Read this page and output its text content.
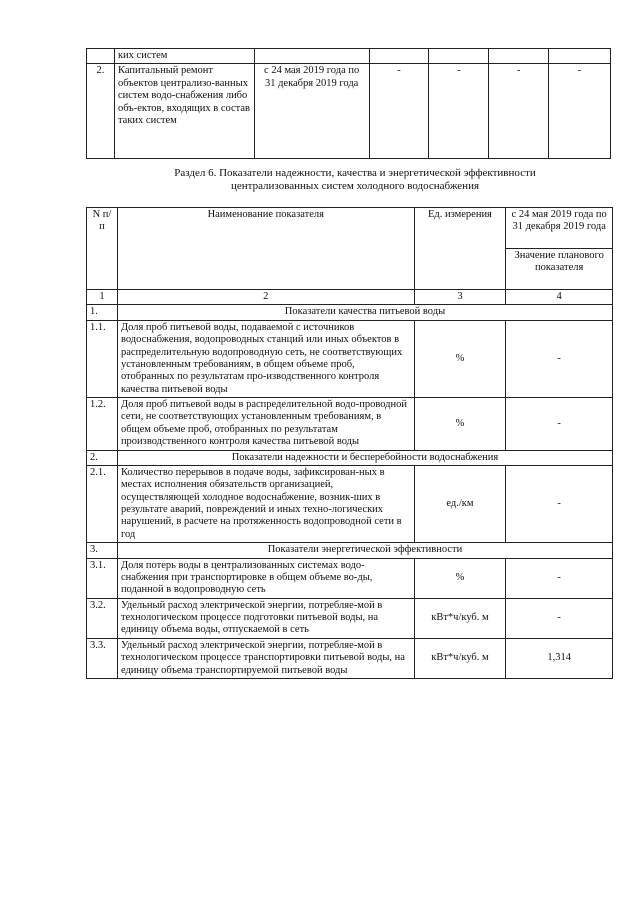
	ких систем					
2.	Капитальный ремонт объектов централизо-ванных систем водо-снабжения либо объ-ектов, входящих в состав таких систем	с 24 мая 2019 года по 31 декабря 2019 года	-	-	-	-
Раздел 6. Показатели надежности, качества и энергетической эффективности
централизованных систем холодного водоснабжения
N п/п	Наименование показателя	Ед. измерения	с 24 мая 2019 года по 31 декабря 2019 года
			Значение планового показателя
1	2	3	4
1.	Показатели качества питьевой воды		
1.1.	Доля проб питьевой воды, подаваемой с источников водоснабжения, водопроводных станций или иных объектов в распределительную водопроводную сеть, не соответствующих установленным требованиям, в общем объеме проб, отобранных по результатам про-изводственного контроля качества питьевой воды	%	-
1.2.	Доля проб питьевой воды в распределительной водо-проводной сети, не соответствующих установленным требованиям, в общем объеме проб, отобранных по результатам производственного контроля качества питьевой воды	%	-
2.	Показатели надежности и бесперебойности водоснабжения		
2.1.	Количество перерывов в подаче воды, зафиксирован-ных в местах исполнения обязательств организацией, осуществляющей холодное водоснабжение, возник-ших в результате аварий, повреждений и иных техно-логических нарушений, в расчете на протяженность водопроводной сети в год	ед./км	-
3.	Показатели энергетической эффективности		
3.1.	Доля потерь воды в централизованных системах водо-снабжения при транспортировке в общем объеме во-ды, поданной в водопроводную сеть	%	-
3.2.	Удельный расход электрической энергии, потребляе-мой в технологическом процессе подготовки питьевой воды, на единицу объема воды, отпускаемой в сеть	кВт*ч/куб. м	-
3.3.	Удельный расход электрической энергии, потребляе-мой в технологическом процессе транспортировки питьевой воды, на единицу объема транспортируемой питьевой воды	кВт*ч/куб. м	1,314
